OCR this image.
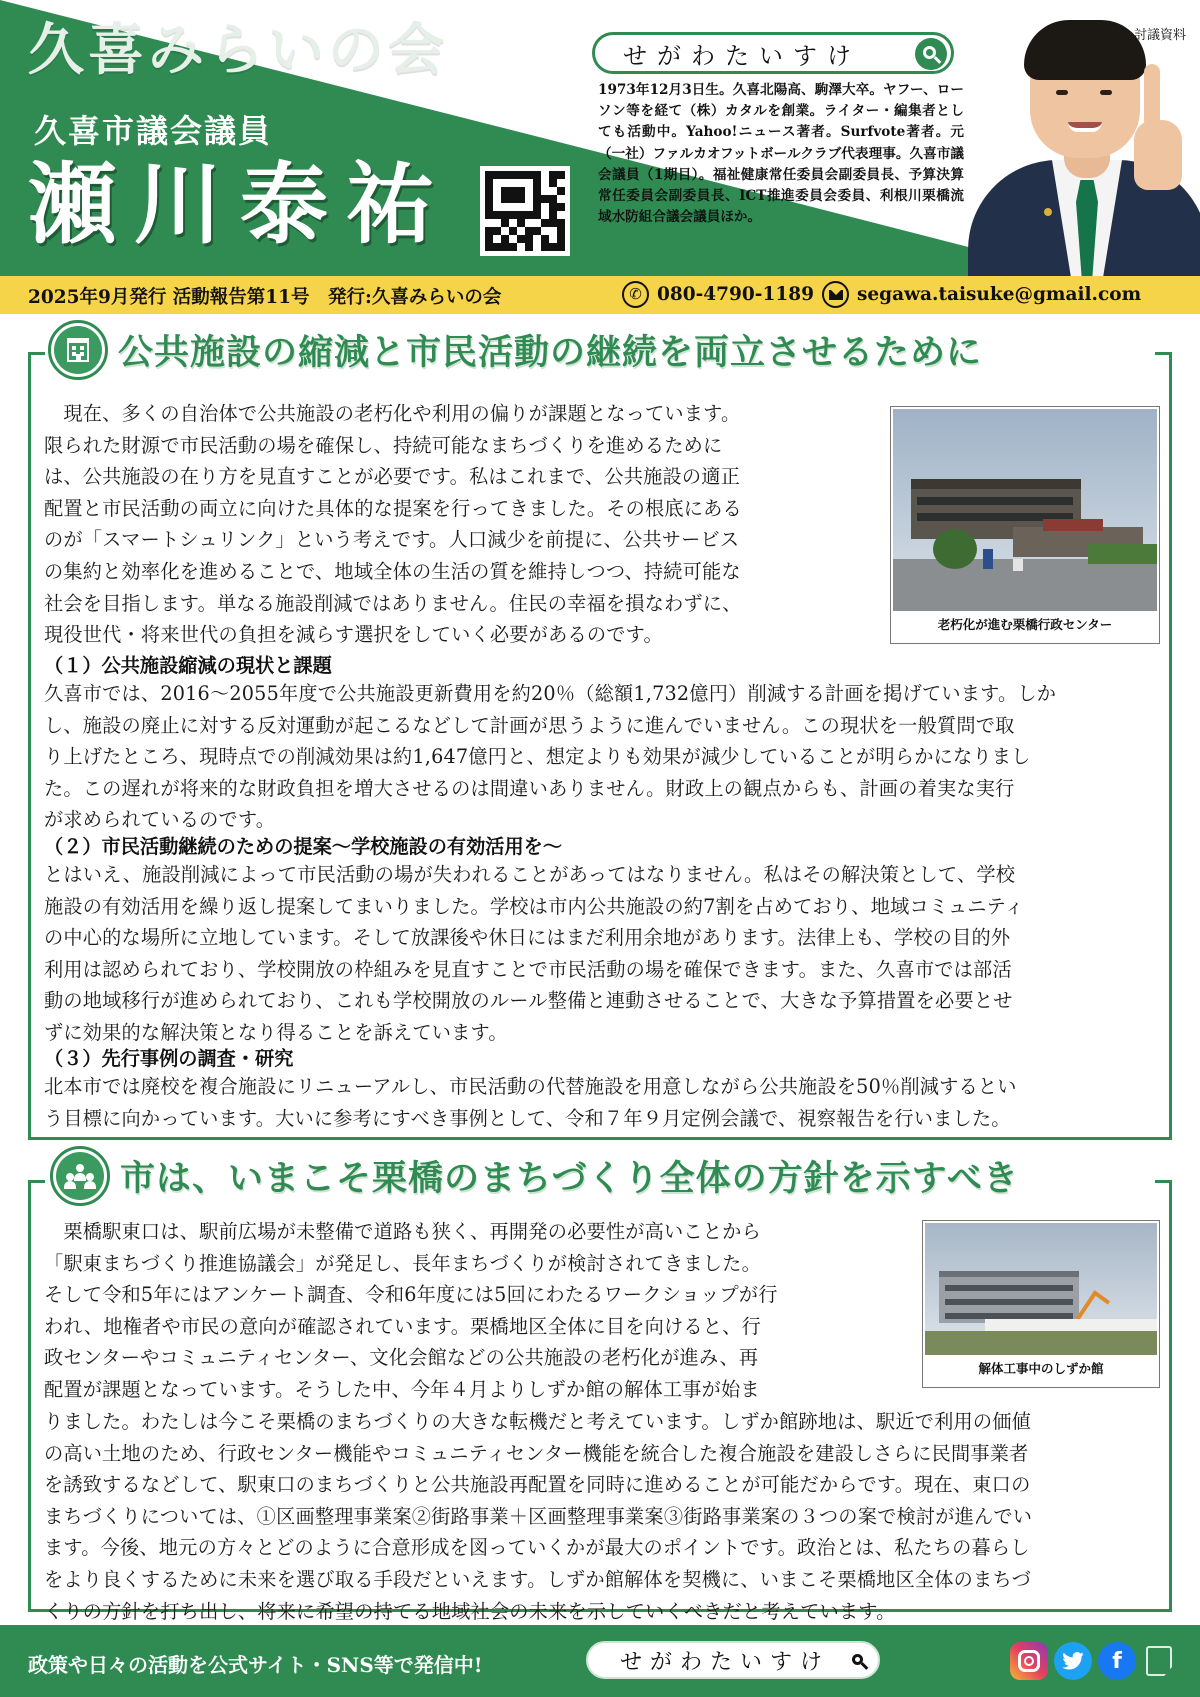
久喜みらいの会
久喜市議会議員
瀬川泰祐
せがわたいすけ
1973年12月3日生。久喜北陽高、駒澤大卒。ヤフー、ローソン等を経て（株）カタルを創業。ライター・編集者としても活動中。Yahoo!ニュース著者。Surfvote著者。元（一社）ファルカオフットボールクラブ代表理事。久喜市議会議員（1期目）。福祉健康常任委員会副委員長、予算決算常任委員会副委員長、ICT推進委員会委員、利根川栗橋流域水防組合議会議員ほか。
討議資料
2025年9月発行 活動報告第11号　発行:久喜みらいの会	✆ 080-4790-1189 segawa.taisuke@gmail.com
公共施設の縮減と市民活動の継続を両立させるために
　現在、多くの自治体で公共施設の老朽化や利用の偏りが課題となっています。
限られた財源で市民活動の場を確保し、持続可能なまちづくりを進めるために
は、公共施設の在り方を見直すことが必要です。私はこれまで、公共施設の適正
配置と市民活動の両立に向けた具体的な提案を行ってきました。その根底にある
のが「スマートシュリンク」という考えです。人口減少を前提に、公共サービス
の集約と効率化を進めることで、地域全体の生活の質を維持しつつ、持続可能な
社会を目指します。単なる施設削減ではありません。住民の幸福を損なわずに、
現役世代・将来世代の負担を減らす選択をしていく必要があるのです。	老朽化が進む栗橋行政センター
（１）公共施設縮減の現状と課題
久喜市では、2016～2055年度で公共施設更新費用を約20％（総額1,732億円）削減する計画を掲げています。しか
し、施設の廃止に対する反対運動が起こるなどして計画が思うように進んでいません。この現状を一般質問で取
り上げたところ、現時点での削減効果は約1,647億円と、想定よりも効果が減少していることが明らかになりまし
た。この遅れが将来的な財政負担を増大させるのは間違いありません。財政上の観点からも、計画の着実な実行
が求められているのです。
（２）市民活動継続のための提案～学校施設の有効活用を～
とはいえ、施設削減によって市民活動の場が失われることがあってはなりません。私はその解決策として、学校
施設の有効活用を繰り返し提案してまいりました。学校は市内公共施設の約7割を占めており、地域コミュニティ
の中心的な場所に立地しています。そして放課後や休日にはまだ利用余地があります。法律上も、学校の目的外
利用は認められており、学校開放の枠組みを見直すことで市民活動の場を確保できます。また、久喜市では部活
動の地域移行が進められており、これも学校開放のルール整備と連動させることで、大きな予算措置を必要とせ
ずに効果的な解決策となり得ることを訴えています。
（３）先行事例の調査・研究
北本市では廃校を複合施設にリニューアルし、市民活動の代替施設を用意しながら公共施設を50％削減するとい
う目標に向かっています。大いに参考にすべき事例として、令和７年９月定例会議で、視察報告を行いました。
市は、いまこそ栗橋のまちづくり全体の方針を示すべき
　栗橋駅東口は、駅前広場が未整備で道路も狭く、再開発の必要性が高いことから
「駅東まちづくり推進協議会」が発足し、長年まちづくりが検討されてきました。
そして令和5年にはアンケート調査、令和6年度には5回にわたるワークショップが行
われ、地権者や市民の意向が確認されています。栗橋地区全体に目を向けると、行
政センターやコミュニティセンター、文化会館などの公共施設の老朽化が進み、再
配置が課題となっています。そうした中、今年４月よりしずか館の解体工事が始ま
解体工事中のしずか館
りました。わたしは今こそ栗橋のまちづくりの大きな転機だと考えています。しずか館跡地は、駅近で利用の価値
の高い土地のため、行政センター機能やコミュニティセンター機能を統合した複合施設を建設しさらに民間事業者
を誘致するなどして、駅東口のまちづくりと公共施設再配置を同時に進めることが可能だからです。現在、東口の
まちづくりについては、①区画整理事業案②街路事業＋区画整理事業案③街路事業案の３つの案で検討が進んでい
ます。今後、地元の方々とどのように合意形成を図っていくかが最大のポイントです。政治とは、私たちの暮らし
をより良くするために未来を選び取る手段だといえます。しずか館解体を契機に、いまこそ栗橋地区全体のまちづ
くりの方針を打ち出し、将来に希望の持てる地域社会の未来を示していくべきだと考えています。
政策や日々の活動を公式サイト・SNS等で発信中!	せがわたいすけ	f
